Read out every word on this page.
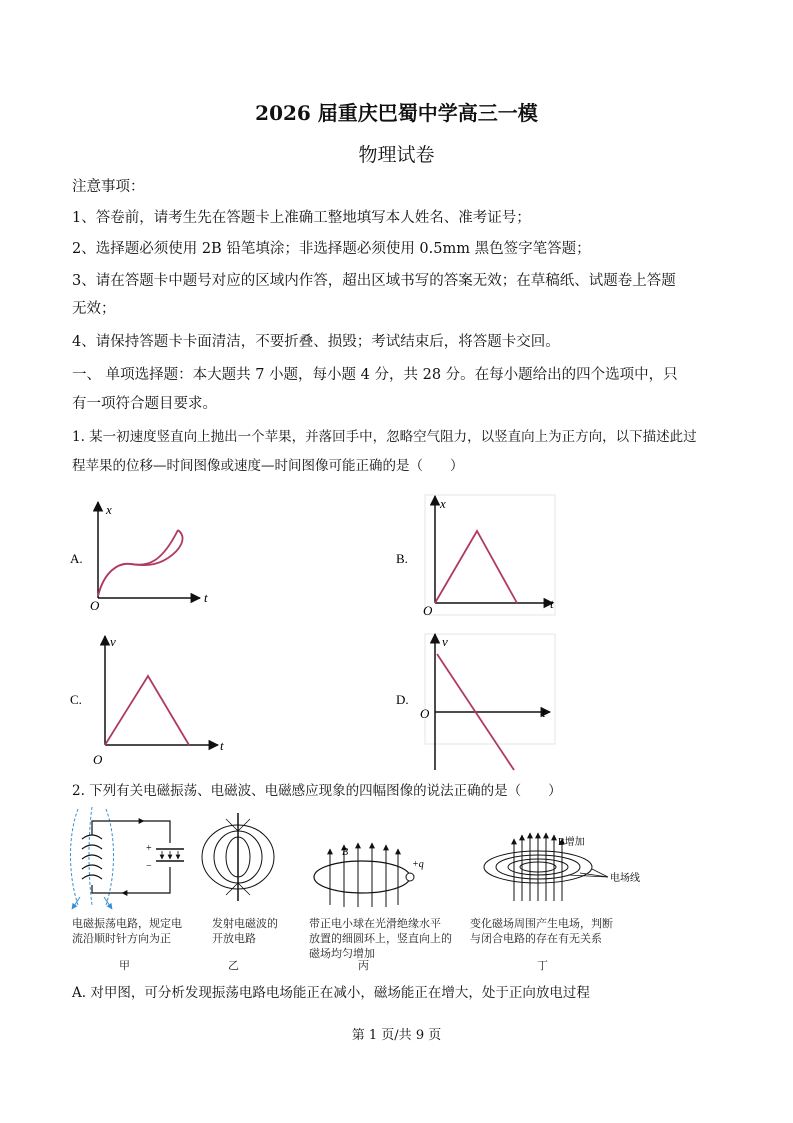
2026 届重庆巴蜀中学高三一模
物理试卷
注意事项：
1、答卷前，请考生先在答题卡上准确工整地填写本人姓名、准考证号；
2、选择题必须使用 2B 铅笔填涂；非选择题必须使用 0.5mm 黑色签字笔答题；
3、请在答题卡中题号对应的区域内作答，超出区域书写的答案无效；在草稿纸、试题卷上答题
无效；
4、请保持答题卡卡面清洁，不要折叠、损毁；考试结束后，将答题卡交回。
一、 单项选择题：本大题共 7 小题，每小题 4 分，共 28 分。在每小题给出的四个选项中，只
有一项符合题目要求。
1. 某一初速度竖直向上抛出一个苹果，并落回手中，忽略空气阻力，以竖直向上为正方向，以下描述此过
程苹果的位移—时间图像或速度—时间图像可能正确的是（　　）
A.
x
t
O
B.
x
t
O
C.
v
t
O
D.
v
t
O
2. 下列有关电磁振荡、电磁波、电磁感应现象的四幅图像的说法正确的是（　　）
+
−
B
+q
B增加
电场线
电磁振荡电路，规定电
流沿顺时针方向为正
发射电磁波的
开放电路
带正电小球在光滑绝缘水平
放置的细圆环上，竖直向上的
磁场均匀增加
变化磁场周围产生电场，判断
与闭合电路的存在有无关系
甲	乙	丙	丁
A. 对甲图，可分析发现振荡电路电场能正在减小，磁场能正在增大，处于正向放电过程
第 1 页/共 9 页
